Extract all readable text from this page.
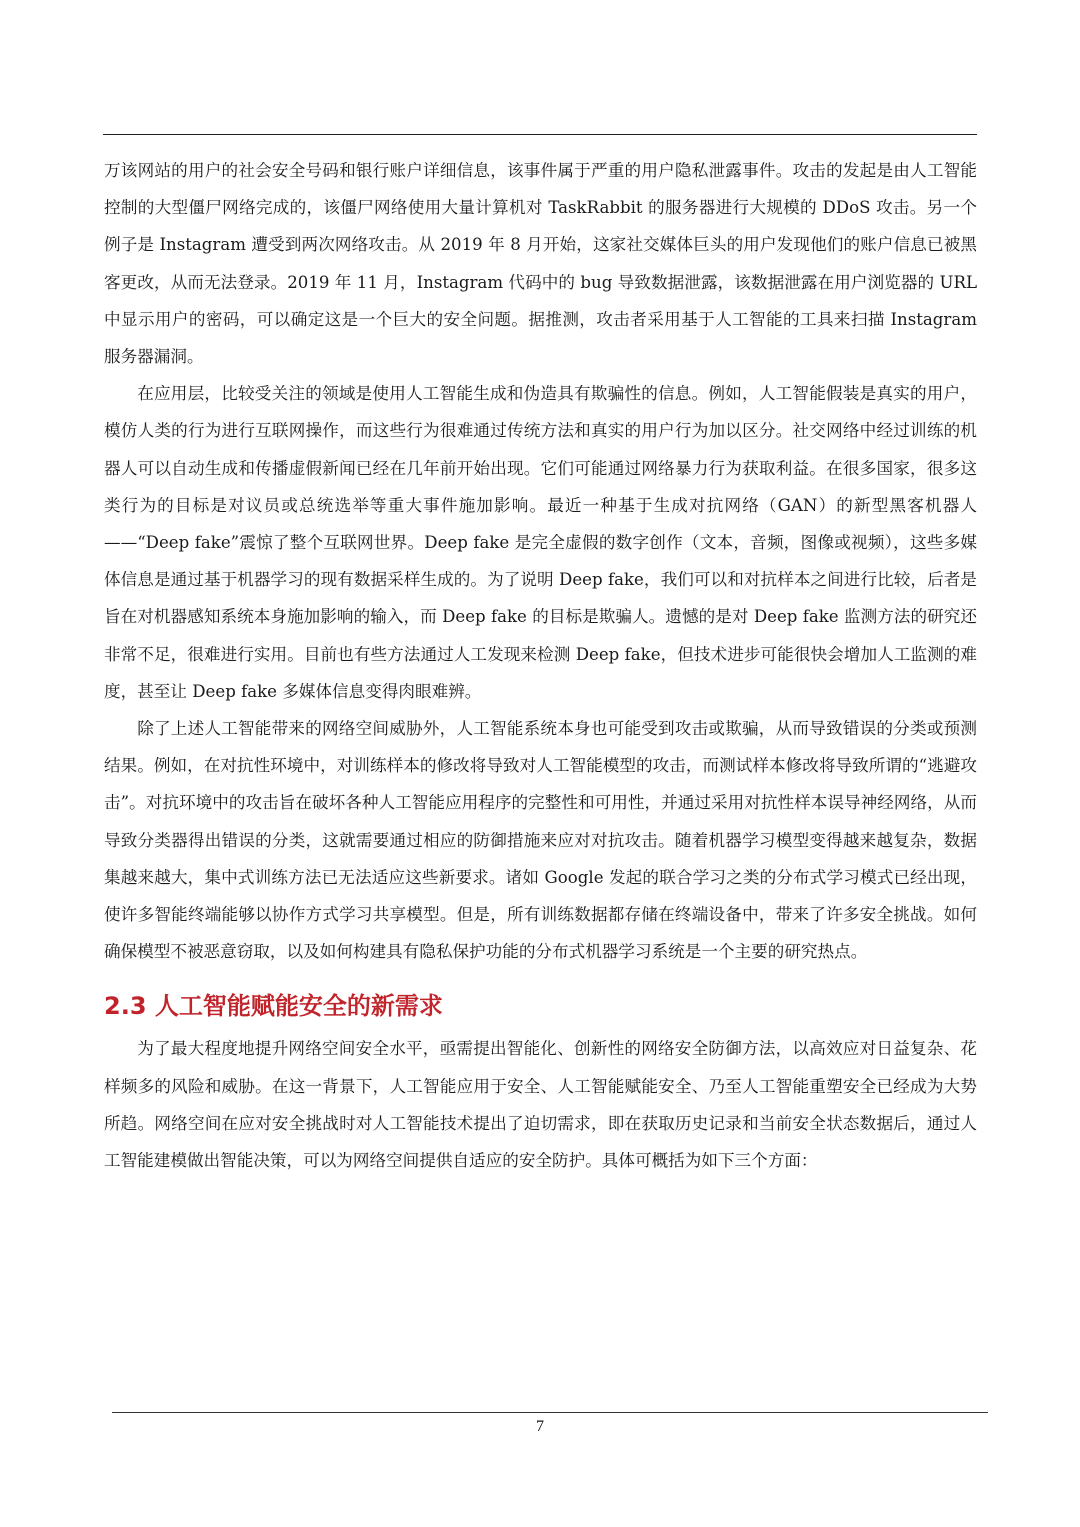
万该网站的用户的社会安全号码和银行账户详细信息，该事件属于严重的用户隐私泄露事件。攻击的发起是由人工智能控制的大型僵尸网络完成的，该僵尸网络使用大量计算机对 TaskRabbit 的服务器进行大规模的 DDoS 攻击。另一个例子是 Instagram 遭受到两次网络攻击。从 2019 年 8 月开始，这家社交媒体巨头的用户发现他们的账户信息已被黑客更改，从而无法登录。2019 年 11 月，Instagram 代码中的 bug 导致数据泄露，该数据泄露在用户浏览器的 URL 中显示用户的密码，可以确定这是一个巨大的安全问题。据推测，攻击者采用基于人工智能的工具来扫描 Instagram 服务器漏洞。

在应用层，比较受关注的领域是使用人工智能生成和伪造具有欺骗性的信息。例如，人工智能假装是真实的用户，模仿人类的行为进行互联网操作，而这些行为很难通过传统方法和真实的用户行为加以区分。社交网络中经过训练的机器人可以自动生成和传播虚假新闻已经在几年前开始出现。它们可能通过网络暴力行为获取利益。在很多国家，很多这类行为的目标是对议员或总统选举等重大事件施加影响。最近一种基于生成对抗网络（GAN）的新型黑客机器人——“Deep fake”震惊了整个互联网世界。Deep fake 是完全虚假的数字创作（文本，音频，图像或视频），这些多媒体信息是通过基于机器学习的现有数据采样生成的。为了说明 Deep fake，我们可以和对抗样本之间进行比较，后者是旨在对机器感知系统本身施加影响的输入，而 Deep fake 的目标是欺骗人。遗憾的是对 Deep fake 监测方法的研究还非常不足，很难进行实用。目前也有些方法通过人工发现来检测 Deep fake，但技术进步可能很快会增加人工监测的难度，甚至让 Deep fake 多媒体信息变得肉眼难辨。

除了上述人工智能带来的网络空间威胁外，人工智能系统本身也可能受到攻击或欺骗，从而导致错误的分类或预测结果。例如，在对抗性环境中，对训练样本的修改将导致对人工智能模型的攻击，而测试样本修改将导致所谓的“逃避攻击”。对抗环境中的攻击旨在破坏各种人工智能应用程序的完整性和可用性，并通过采用对抗性样本误导神经网络，从而导致分类器得出错误的分类，这就需要通过相应的防御措施来应对对抗攻击。随着机器学习模型变得越来越复杂，数据集越来越大，集中式训练方法已无法适应这些新要求。诸如 Google 发起的联合学习之类的分布式学习模式已经出现，使许多智能终端能够以协作方式学习共享模型。但是，所有训练数据都存储在终端设备中，带来了许多安全挑战。如何确保模型不被恶意窃取，以及如何构建具有隐私保护功能的分布式机器学习系统是一个主要的研究热点。

2.3 人工智能赋能安全的新需求

为了最大程度地提升网络空间安全水平，亟需提出智能化、创新性的网络安全防御方法，以高效应对日益复杂、花样频多的风险和威胁。在这一背景下，人工智能应用于安全、人工智能赋能安全、乃至人工智能重塑安全已经成为大势所趋。网络空间在应对安全挑战时对人工智能技术提出了迫切需求，即在获取历史记录和当前安全状态数据后，通过人工智能建模做出智能决策，可以为网络空间提供自适应的安全防护。具体可概括为如下三个方面：

7
